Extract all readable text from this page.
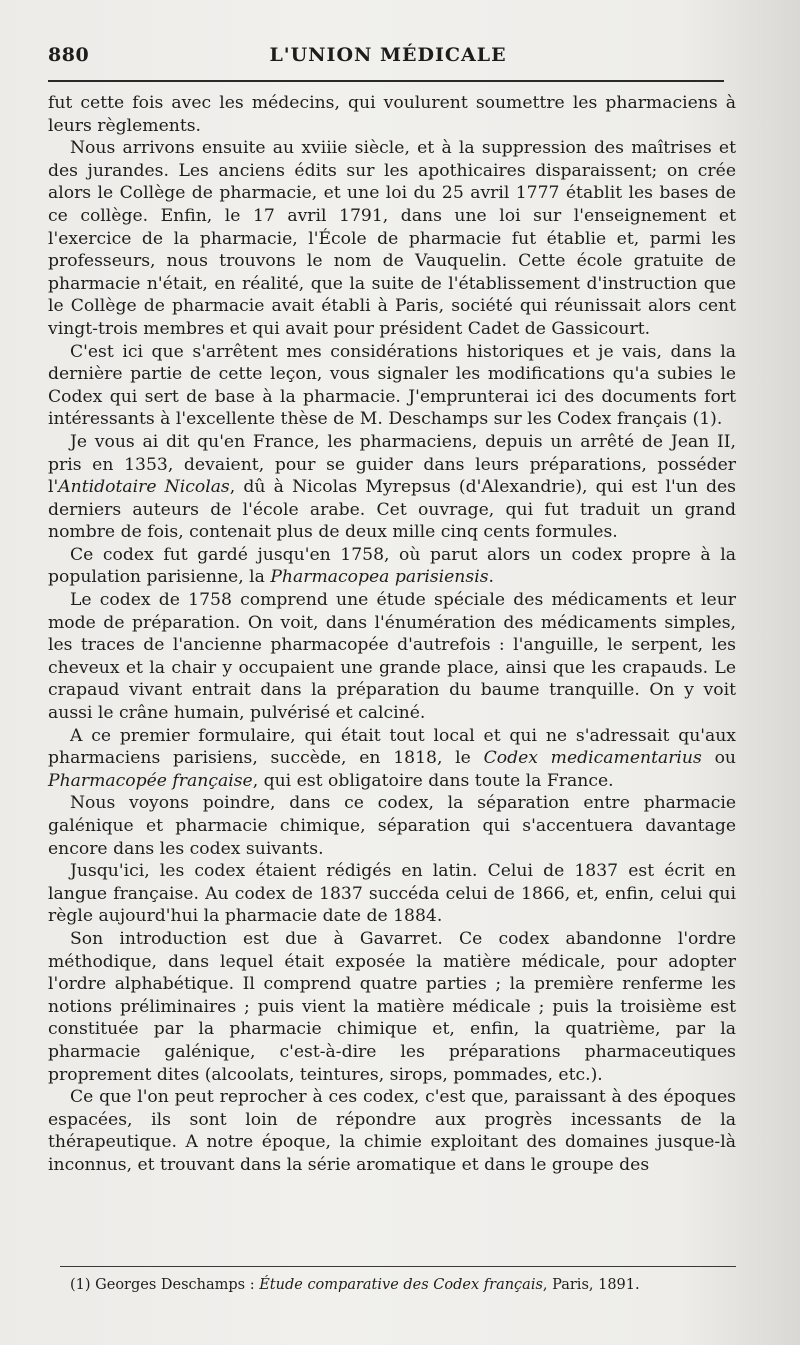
880	L'UNION MÉDICALE

fut cette fois avec les médecins, qui voulurent soumettre les pharmaciens à leurs règlements.

Nous arrivons ensuite au xviiie siècle, et à la suppression des maîtrises et des jurandes. Les anciens édits sur les apothicaires disparaissent; on crée alors le Collège de pharmacie, et une loi du 25 avril 1777 établit les bases de ce collège. Enfin, le 17 avril 1791, dans une loi sur l'enseignement et l'exercice de la pharmacie, l'École de pharmacie fut établie et, parmi les professeurs, nous trouvons le nom de Vauquelin. Cette école gratuite de pharmacie n'était, en réalité, que la suite de l'établissement d'instruction que le Collège de pharmacie avait établi à Paris, société qui réunissait alors cent vingt-trois membres et qui avait pour président Cadet de Gassicourt.

C'est ici que s'arrêtent mes considérations historiques et je vais, dans la dernière partie de cette leçon, vous signaler les modifications qu'a subies le Codex qui sert de base à la pharmacie. J'emprunterai ici des documents fort intéressants à l'excellente thèse de M. Deschamps sur les Codex français (1).

Je vous ai dit qu'en France, les pharmaciens, depuis un arrêté de Jean II, pris en 1353, devaient, pour se guider dans leurs préparations, posséder l'Antidotaire Nicolas, dû à Nicolas Myrepsus (d'Alexandrie), qui est l'un des derniers auteurs de l'école arabe. Cet ouvrage, qui fut traduit un grand nombre de fois, contenait plus de deux mille cinq cents formules.

Ce codex fut gardé jusqu'en 1758, où parut alors un codex propre à la population parisienne, la Pharmacopea parisiensis.

Le codex de 1758 comprend une étude spéciale des médicaments et leur mode de préparation. On voit, dans l'énumération des médicaments simples, les traces de l'ancienne pharmacopée d'autrefois : l'anguille, le serpent, les cheveux et la chair y occupaient une grande place, ainsi que les crapauds. Le crapaud vivant entrait dans la préparation du baume tranquille. On y voit aussi le crâne humain, pulvérisé et calciné.

A ce premier formulaire, qui était tout local et qui ne s'adressait qu'aux pharmaciens parisiens, succède, en 1818, le Codex medicamentarius ou Pharmacopée française, qui est obligatoire dans toute la France.

Nous voyons poindre, dans ce codex, la séparation entre pharmacie galénique et pharmacie chimique, séparation qui s'accentuera davantage encore dans les codex suivants.

Jusqu'ici, les codex étaient rédigés en latin. Celui de 1837 est écrit en langue française. Au codex de 1837 succéda celui de 1866, et, enfin, celui qui règle aujourd'hui la pharmacie date de 1884.

Son introduction est due à Gavarret. Ce codex abandonne l'ordre méthodique, dans lequel était exposée la matière médicale, pour adopter l'ordre alphabétique. Il comprend quatre parties ; la première renferme les notions préliminaires ; puis vient la matière médicale ; puis la troisième est constituée par la pharmacie chimique et, enfin, la quatrième, par la pharmacie galénique, c'est-à-dire les préparations pharmaceutiques proprement dites (alcoolats, teintures, sirops, pommades, etc.).

Ce que l'on peut reprocher à ces codex, c'est que, paraissant à des époques espacées, ils sont loin de répondre aux progrès incessants de la thérapeutique. A notre époque, la chimie exploitant des domaines jusque-là inconnus, et trouvant dans la série aromatique et dans le groupe des

(1) Georges Deschamps : Étude comparative des Codex français, Paris, 1891.
